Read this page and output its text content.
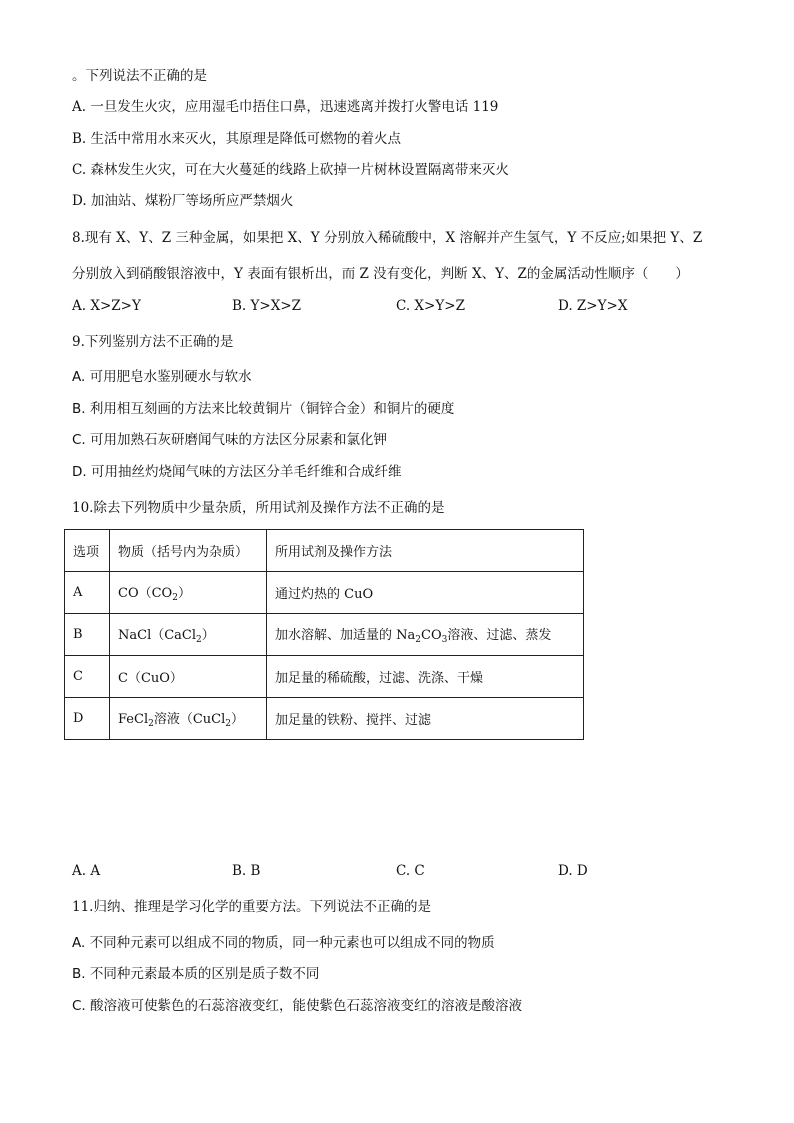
。下列说法不正确的是
A. 一旦发生火灾，应用湿毛巾捂住口鼻，迅速逃离并拨打火警电话 119
B. 生活中常用水来灭火，其原理是降低可燃物的着火点
C. 森林发生火灾，可在大火蔓延的线路上砍掉一片树林设置隔离带来灭火
D. 加油站、煤粉厂等场所应严禁烟火
8.现有 X、Y、Z 三种金属，如果把 X、Y 分别放入稀硫酸中，X 溶解并产生氢气，Y 不反应;如果把 Y、Z
分别放入到硝酸银溶液中，Y 表面有银析出，而 Z 没有变化，判断 X、Y、Z的金属活动性顺序（　　）
A. X>Z>Y	B. Y>X>Z	C. X>Y>Z	D. Z>Y>X
9.下列鉴别方法不正确的是
A. 可用肥皂水鉴别硬水与软水
B. 利用相互刻画的方法来比较黄铜片（铜锌合金）和铜片的硬度
C. 可用加熟石灰研磨闻气味的方法区分尿素和氯化钾
D. 可用抽丝灼烧闻气味的方法区分羊毛纤维和合成纤维
10.除去下列物质中少量杂质，所用试剂及操作方法不正确的是
选项	物质（括号内为杂质）	所用试剂及操作方法
A	$CO(CO_2)$	通过灼热的 CuO
B	NaCl（CaCl$_2$）	加水溶解、加适量的 $Na_2CO_3$溶液、过滤、蒸发
C	C（CuO）	加足量的稀硫酸，过滤、洗涤、干燥
D	FeCl$_2$溶液（CuCl$_2$）	加足量的铁粉、搅拌、过滤
A. A	B. B	C. C	D. D
11.归纳、推理是学习化学的重要方法。下列说法不正确的是
A. 不同种元素可以组成不同的物质，同一种元素也可以组成不同的物质
B. 不同种元素最本质的区别是质子数不同
C. 酸溶液可使紫色的石蕊溶液变红，能使紫色石蕊溶液变红的溶液是酸溶液
